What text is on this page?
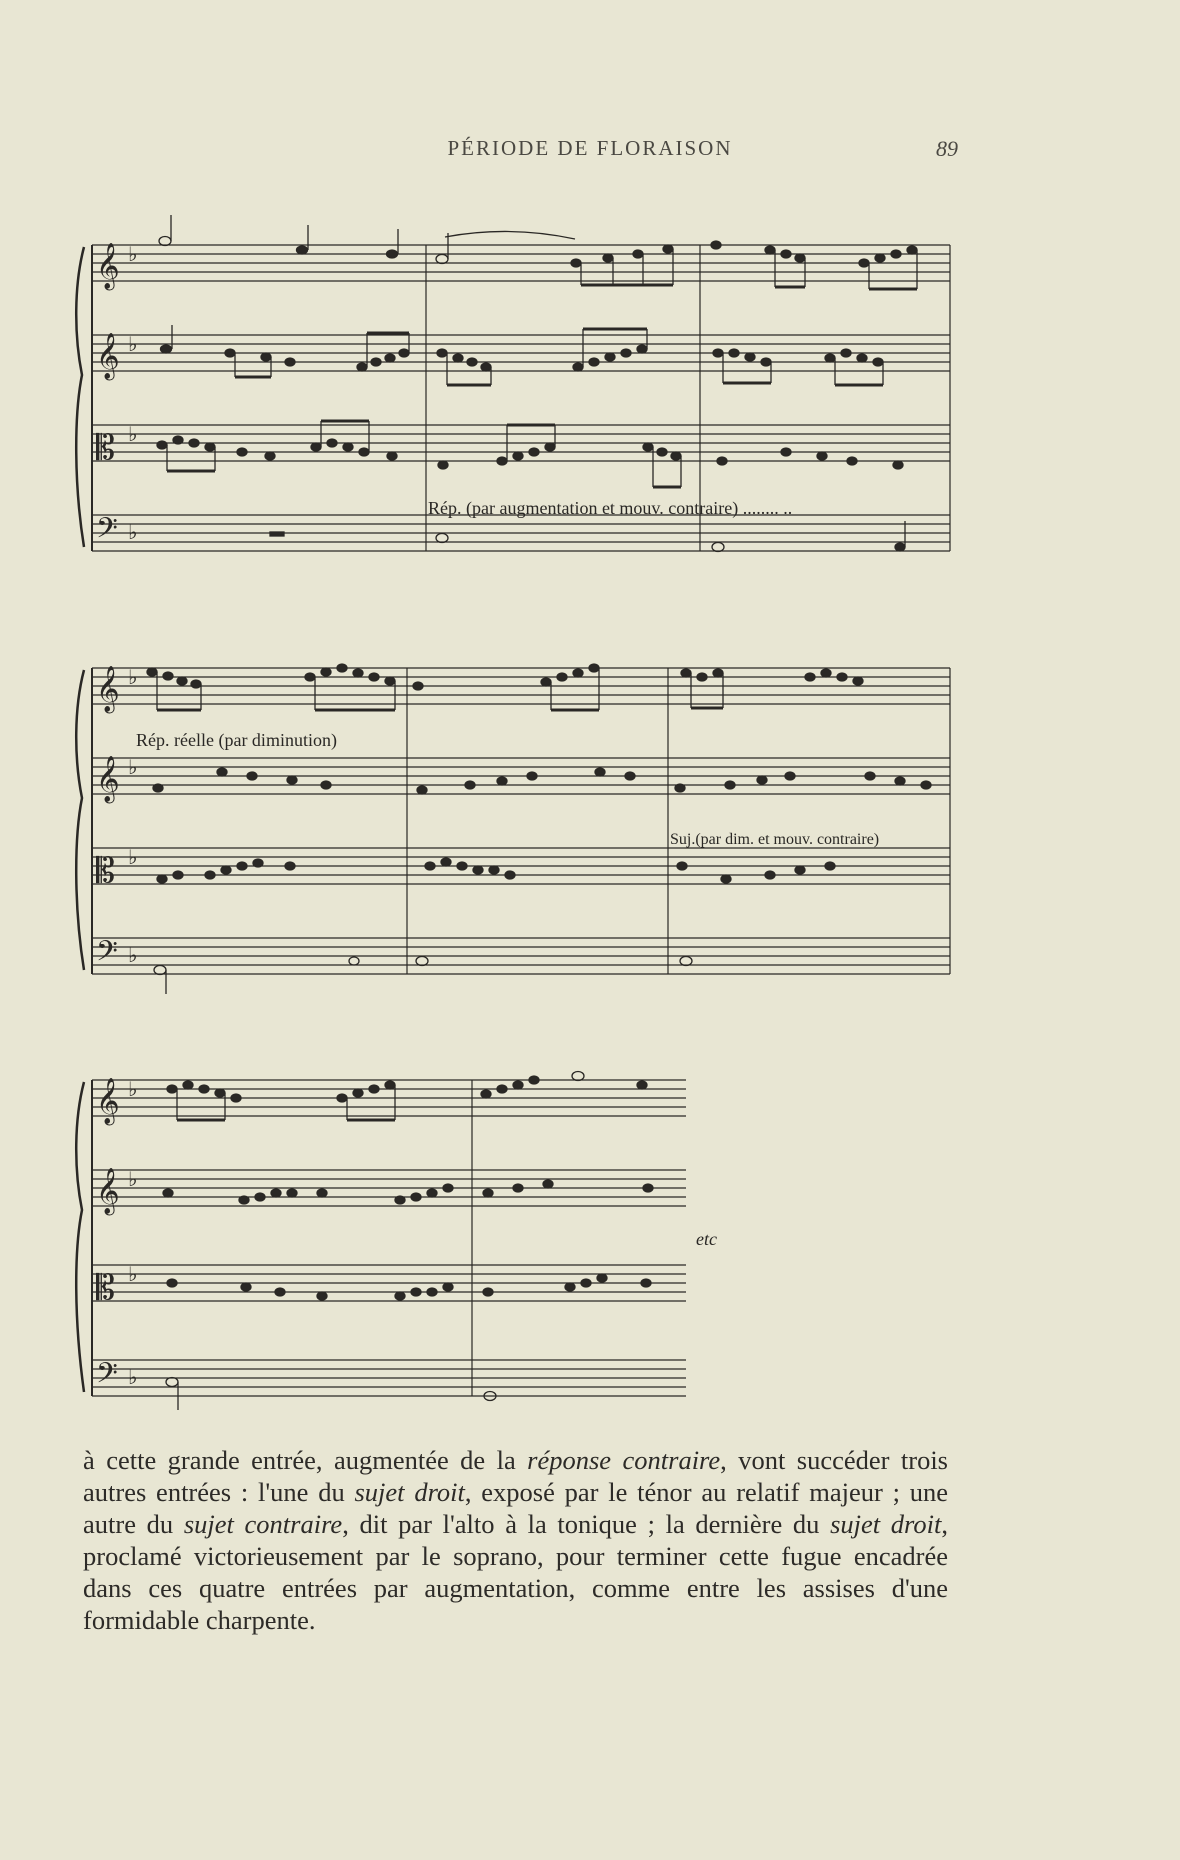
PÉRIODE DE FLORAISON	89
𝄞
𝄞
𝄡
𝄢
♭
♭
♭
♭
Rép. (par augmentation et mouv. contraire) ........ ..
𝄞
𝄞
𝄡
𝄢
♭
♭
♭
♭
Rép. réelle (par diminution)
Suj.(par dim. et mouv. contraire)
𝄞
𝄞
𝄡
𝄢
♭
♭
♭
♭
etc

à cette grande entrée, augmentée de la réponse contraire, vont succéder trois autres entrées : l'une du sujet droit, exposé par le ténor au relatif majeur ; une autre du sujet contraire, dit par l'alto à la tonique ; la dernière du sujet droit, proclamé victorieusement par le soprano, pour terminer cette fugue encadrée dans ces quatre entrées par augmentation, comme entre les assises d'une formidable charpente.
